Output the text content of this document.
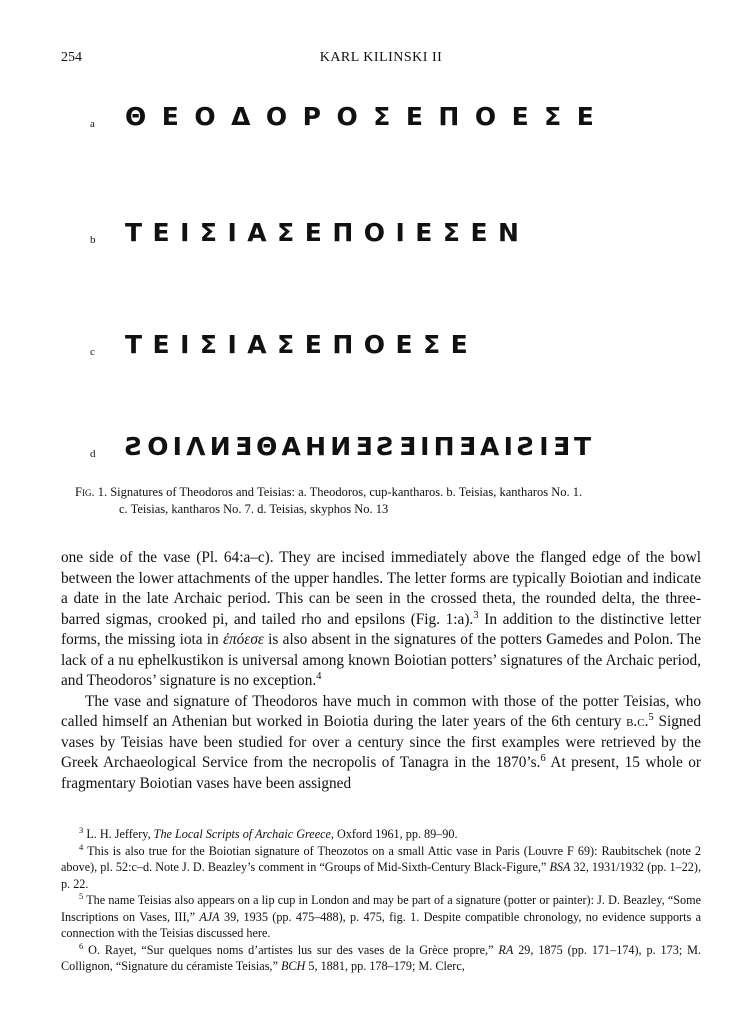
254	KARL KILINSKI II
a ΘΕΟΔΟΡΟΣΕΠΟΕΣΕ
b ΤΕΙΣΙΑΣΕΠΟΙΕΣΕΝ
c ΤΕΙΣΙΑΣΕΠΟΕΣΕ
d ƧOIΛИƎΘΑΗИƎƧƎIΠƎΑIƧIƎT
Fig. 1. Signatures of Theodoros and Teisias: a. Theodoros, cup-kantharos. b. Teisias, kantharos No. 1.
c. Teisias, kantharos No. 7. d. Teisias, skyphos No. 13

one side of the vase (Pl. 64:a–c). They are incised immediately above the flanged edge of the bowl between the lower attachments of the upper handles. The letter forms are typically Boiotian and indicate a date in the late Archaic period. This can be seen in the crossed theta, the rounded delta, the three-barred sigmas, crooked pi, and tailed rho and epsilons (Fig. 1:a).$^3$ In addition to the distinctive letter forms, the missing iota in ἐπόεσε is also absent in the signatures of the potters Gamedes and Polon. The lack of a nu ephelkustikon is universal among known Boiotian potters’ signatures of the Archaic period, and Theodoros’ signature is no exception.$^4$

The vase and signature of Theodoros have much in common with those of the potter Teisias, who called himself an Athenian but worked in Boiotia during the later years of the 6th century b.c.$^5$ Signed vases by Teisias have been studied for over a century since the first examples were retrieved by the Greek Archaeological Service from the necropolis of Tanagra in the 1870’s.$^6$ At present, 15 whole or fragmentary Boiotian vases have been assigned

$^3$ L. H. Jeffery, The Local Scripts of Archaic Greece, Oxford 1961, pp. 89–90.

$^4$ This is also true for the Boiotian signature of Theozotos on a small Attic vase in Paris (Louvre F 69): Raubitschek (note 2 above), pl. 52:c–d. Note J. D. Beazley’s comment in “Groups of Mid-Sixth-Century Black-Figure,” BSA 32, 1931/1932 (pp. 1–22), p. 22.

$^5$ The name Teisias also appears on a lip cup in London and may be part of a signature (potter or painter): J. D. Beazley, “Some Inscriptions on Vases, III,” AJA 39, 1935 (pp. 475–488), p. 475, fig. 1. Despite compatible chronology, no evidence supports a connection with the Teisias discussed here.

$^6$ O. Rayet, “Sur quelques noms d’artistes lus sur des vases de la Grèce propre,” RA 29, 1875 (pp. 171–174), p. 173; M. Collignon, “Signature du céramiste Teisias,” BCH 5, 1881, pp. 178–179; M. Clerc,
